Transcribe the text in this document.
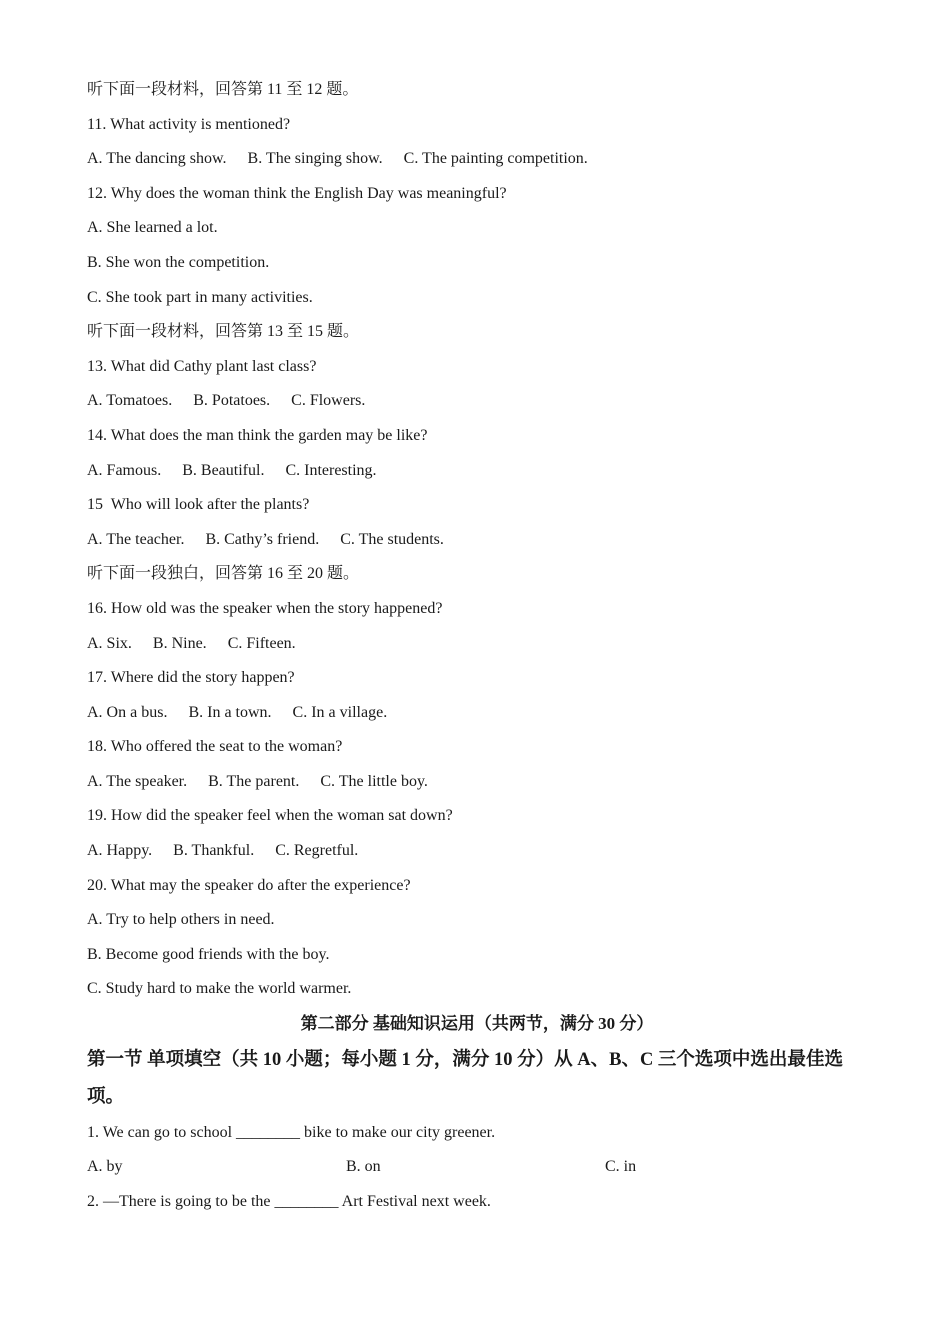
听下面一段材料，回答第 11 至 12 题。
11. What activity is mentioned?
A. The dancing show. B. The singing show. C. The painting competition.
12. Why does the woman think the English Day was meaningful?
A. She learned a lot.
B. She won the competition.
C. She took part in many activities.
听下面一段材料，回答第 13 至 15 题。
13. What did Cathy plant last class?
A. Tomatoes. B. Potatoes. C. Flowers.
14. What does the man think the garden may be like?
A. Famous. B. Beautiful. C. Interesting.
15  Who will look after the plants?
A. The teacher. B. Cathy’s friend. C. The students.
听下面一段独白，回答第 16 至 20 题。
16. How old was the speaker when the story happened?
A. Six. B. Nine. C. Fifteen.
17. Where did the story happen?
A. On a bus. B. In a town. C. In a village.
18. Who offered the seat to the woman?
A. The speaker. B. The parent. C. The little boy.
19. How did the speaker feel when the woman sat down?
A. Happy. B. Thankful. C. Regretful.
20. What may the speaker do after the experience?
A. Try to help others in need.
B. Become good friends with the boy.
C. Study hard to make the world warmer.
第二部分 基础知识运用（共两节，满分 30 分）
第一节 单项填空（共 10 小题；每小题 1 分，满分 10 分）从 A、B、C 三个选项中选出最佳选项。
1. We can go to school ________ bike to make our city greener.
A. by	B. on	C. in
2. —There is going to be the ________ Art Festival next week.
